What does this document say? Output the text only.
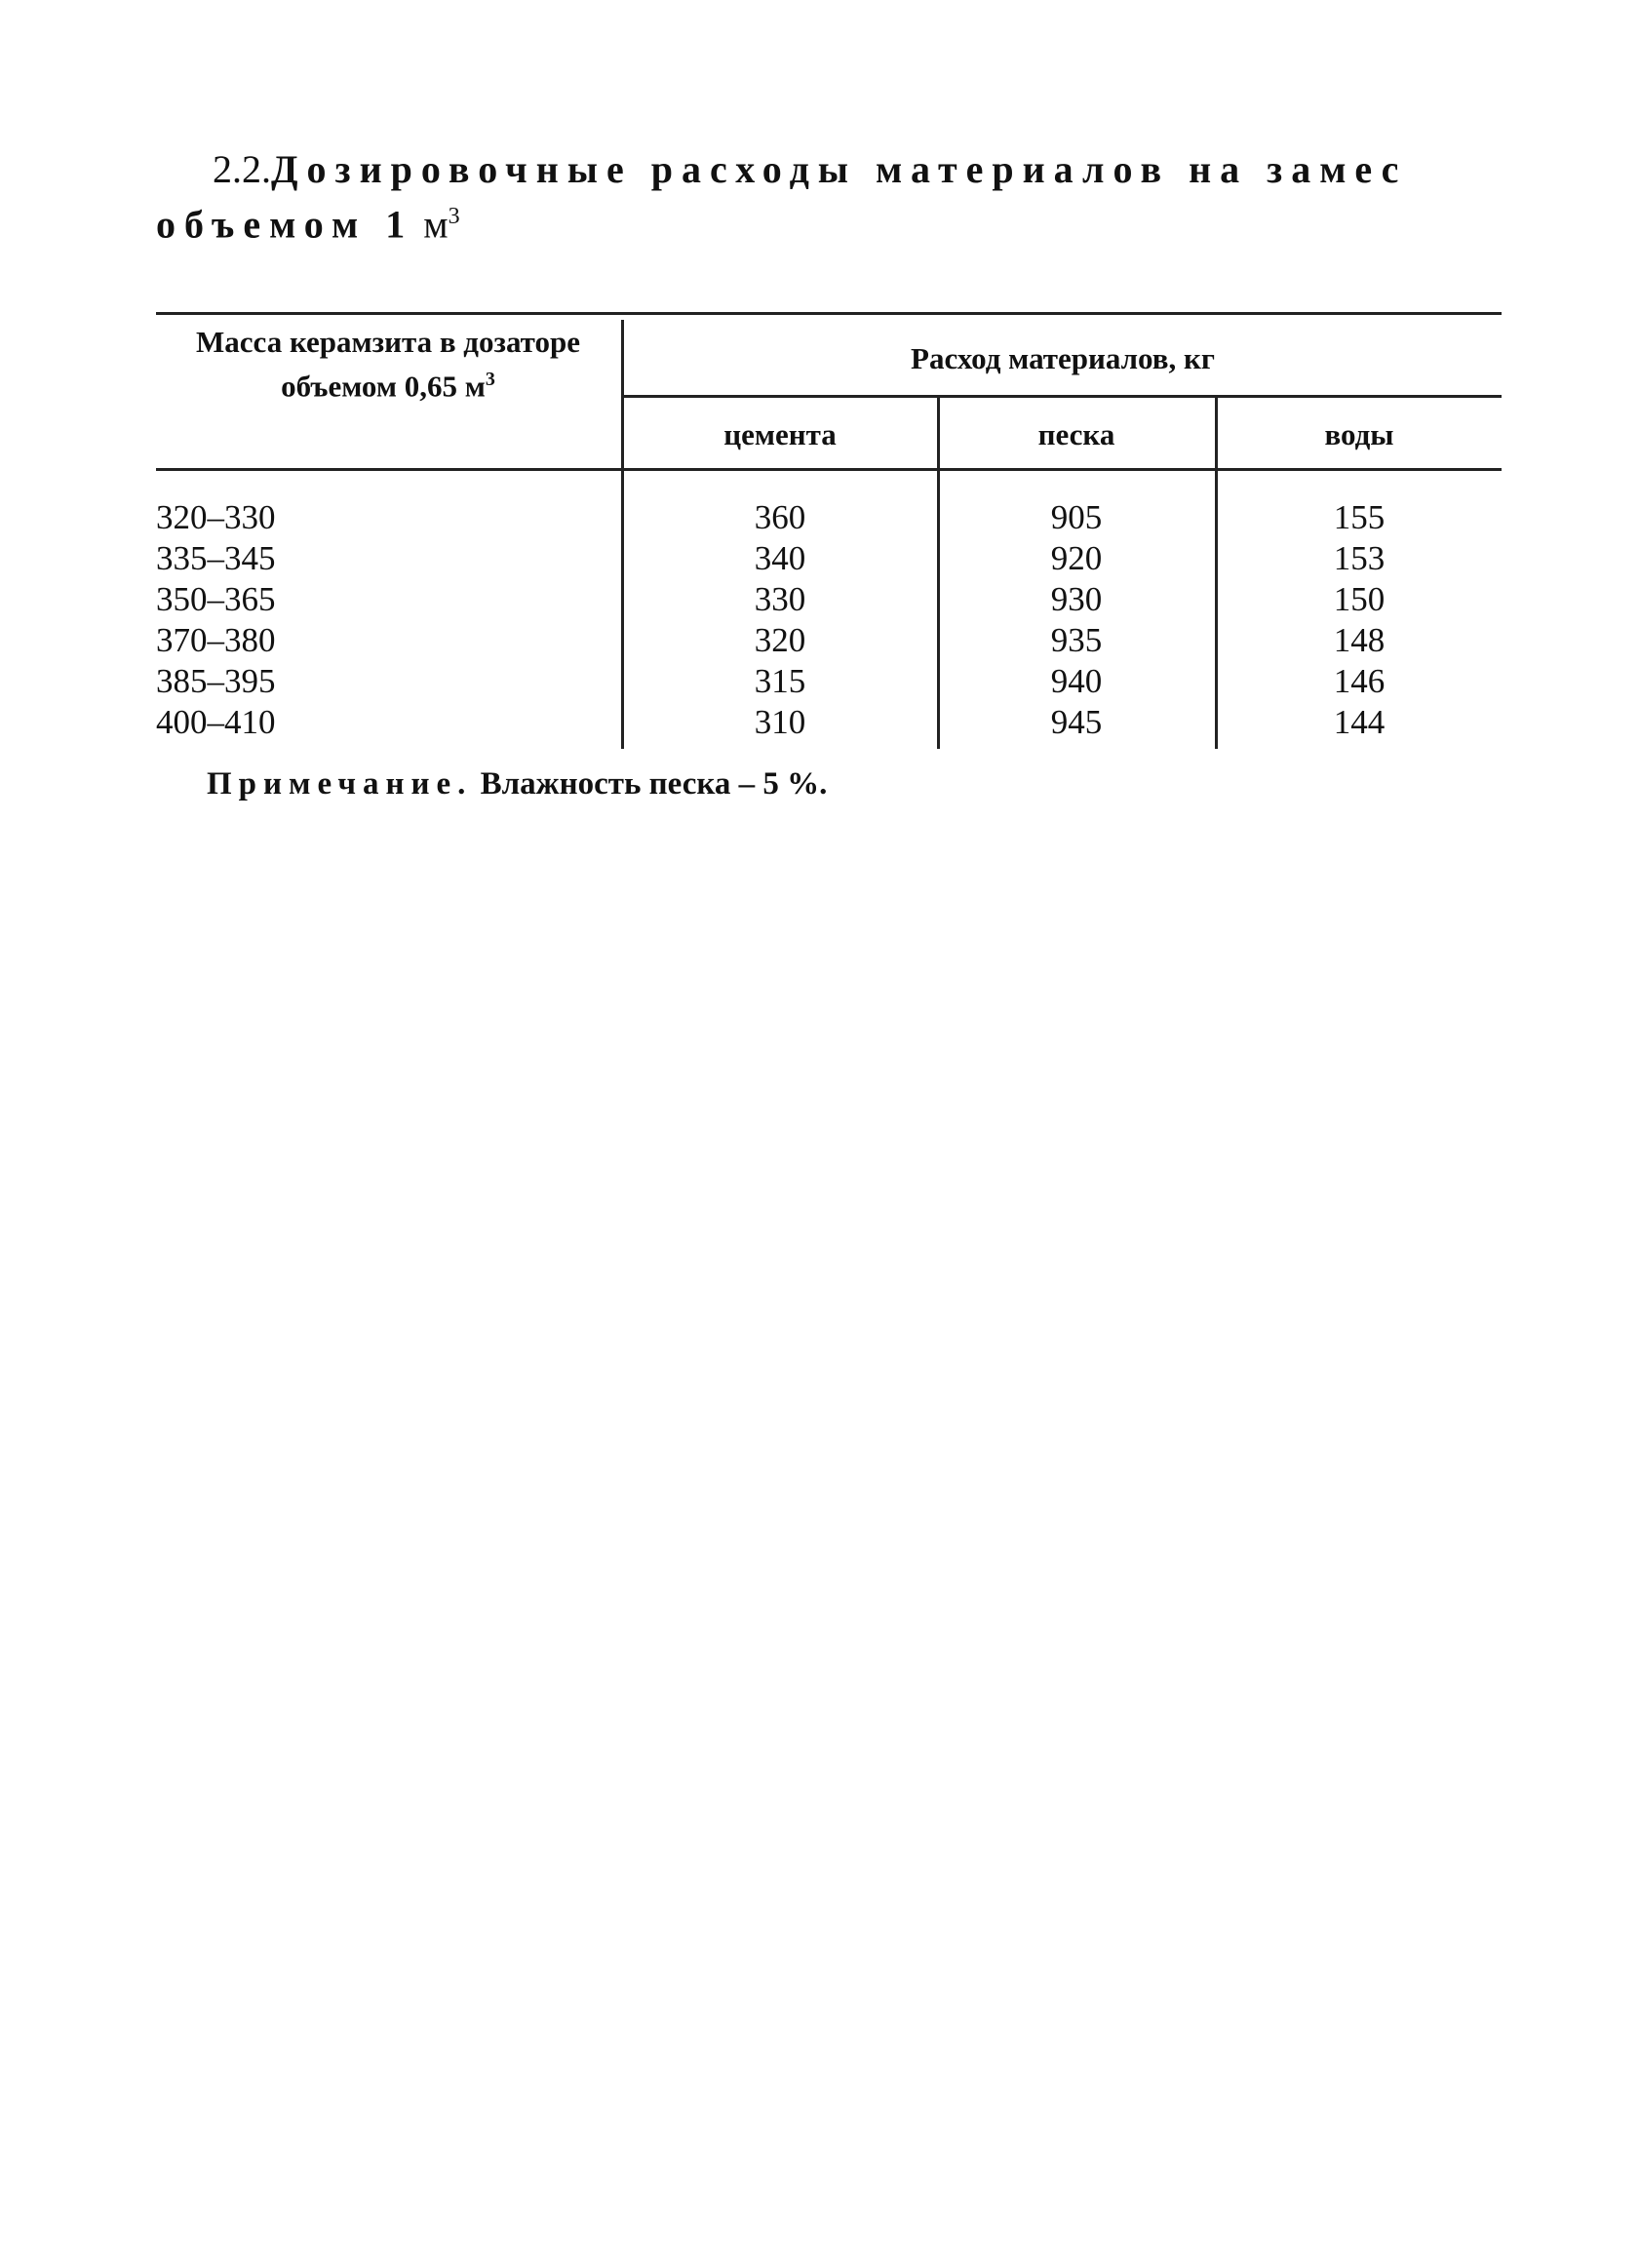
2.2.Дозировочные расходы материалов на замес
объемом 1 $м^3$
Масса керамзита в дозаторе
объемом 0,65 $м^3$
Расход материалов, кг
цемента	песка	воды
320–330	360	905	155
335–345	340	920	153
350–365	330	930	150
370–380	320	935	148
385–395	315	940	146
400–410	310	945	144
Примечание. Влажность песка – 5 %.
